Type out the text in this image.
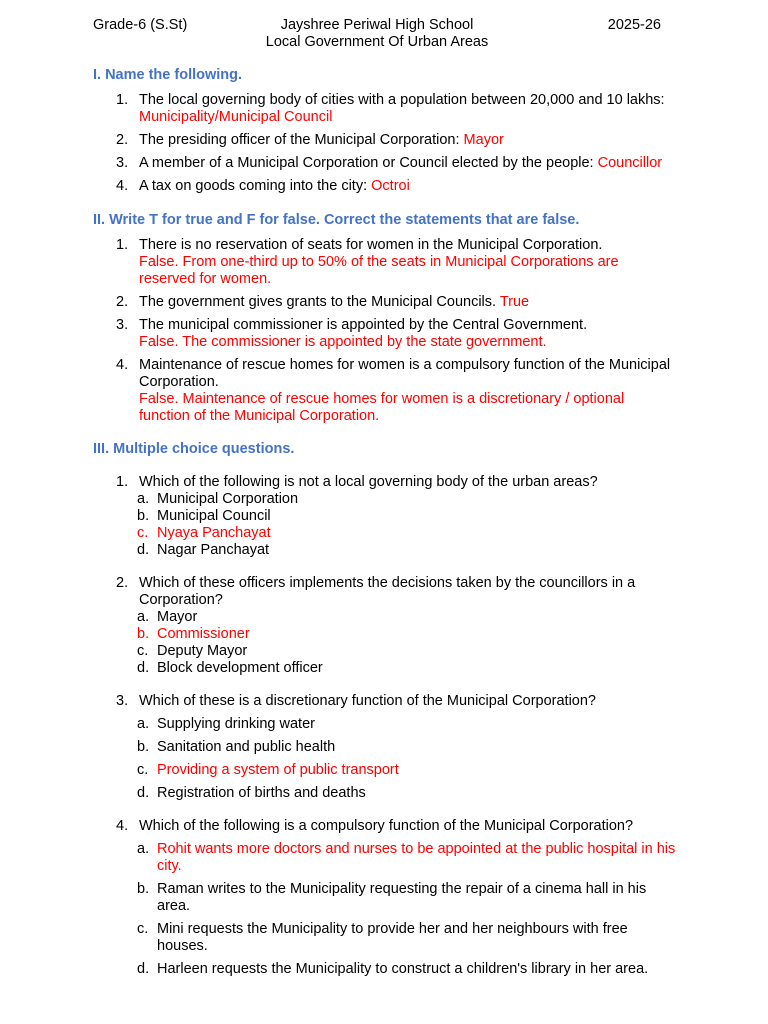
Grade-6 (S.St)	Jayshree Periwal High School
Local Government Of Urban Areas
2025-26
I. Name the following.
1. The local governing body of cities with a population between 20,000 and 10 lakhs: Municipality/Municipal Council
2. The presiding officer of the Municipal Corporation: Mayor
3. A member of a Municipal Corporation or Council elected by the people: Councillor
4. A tax on goods coming into the city: Octroi
II. Write T for true and F for false. Correct the statements that are false.
1. There is no reservation of seats for women in the Municipal Corporation.
False. From one-third up to 50% of the seats in Municipal Corporations are reserved for women.
2. The government gives grants to the Municipal Councils. True
3. The municipal commissioner is appointed by the Central Government.
False. The commissioner is appointed by the state government.
4. Maintenance of rescue homes for women is a compulsory function of the Municipal Corporation.
False. Maintenance of rescue homes for women is a discretionary / optional function of the Municipal Corporation.
III. Multiple choice questions.
1. Which of the following is not a local governing body of the urban areas?
a. Municipal Corporation
b. Municipal Council
c. Nyaya Panchayat
d. Nagar Panchayat
2. Which of these officers implements the decisions taken by the councillors in a Corporation?
a. Mayor
b. Commissioner
c. Deputy Mayor
d. Block development officer
3. Which of these is a discretionary function of the Municipal Corporation?
a. Supplying drinking water
b. Sanitation and public health
c. Providing a system of public transport
d. Registration of births and deaths
4. Which of the following is a compulsory function of the Municipal Corporation?
a. Rohit wants more doctors and nurses to be appointed at the public hospital in his city.
b. Raman writes to the Municipality requesting the repair of a cinema hall in his area.
c. Mini requests the Municipality to provide her and her neighbours with free houses.
d. Harleen requests the Municipality to construct a children's library in her area.
